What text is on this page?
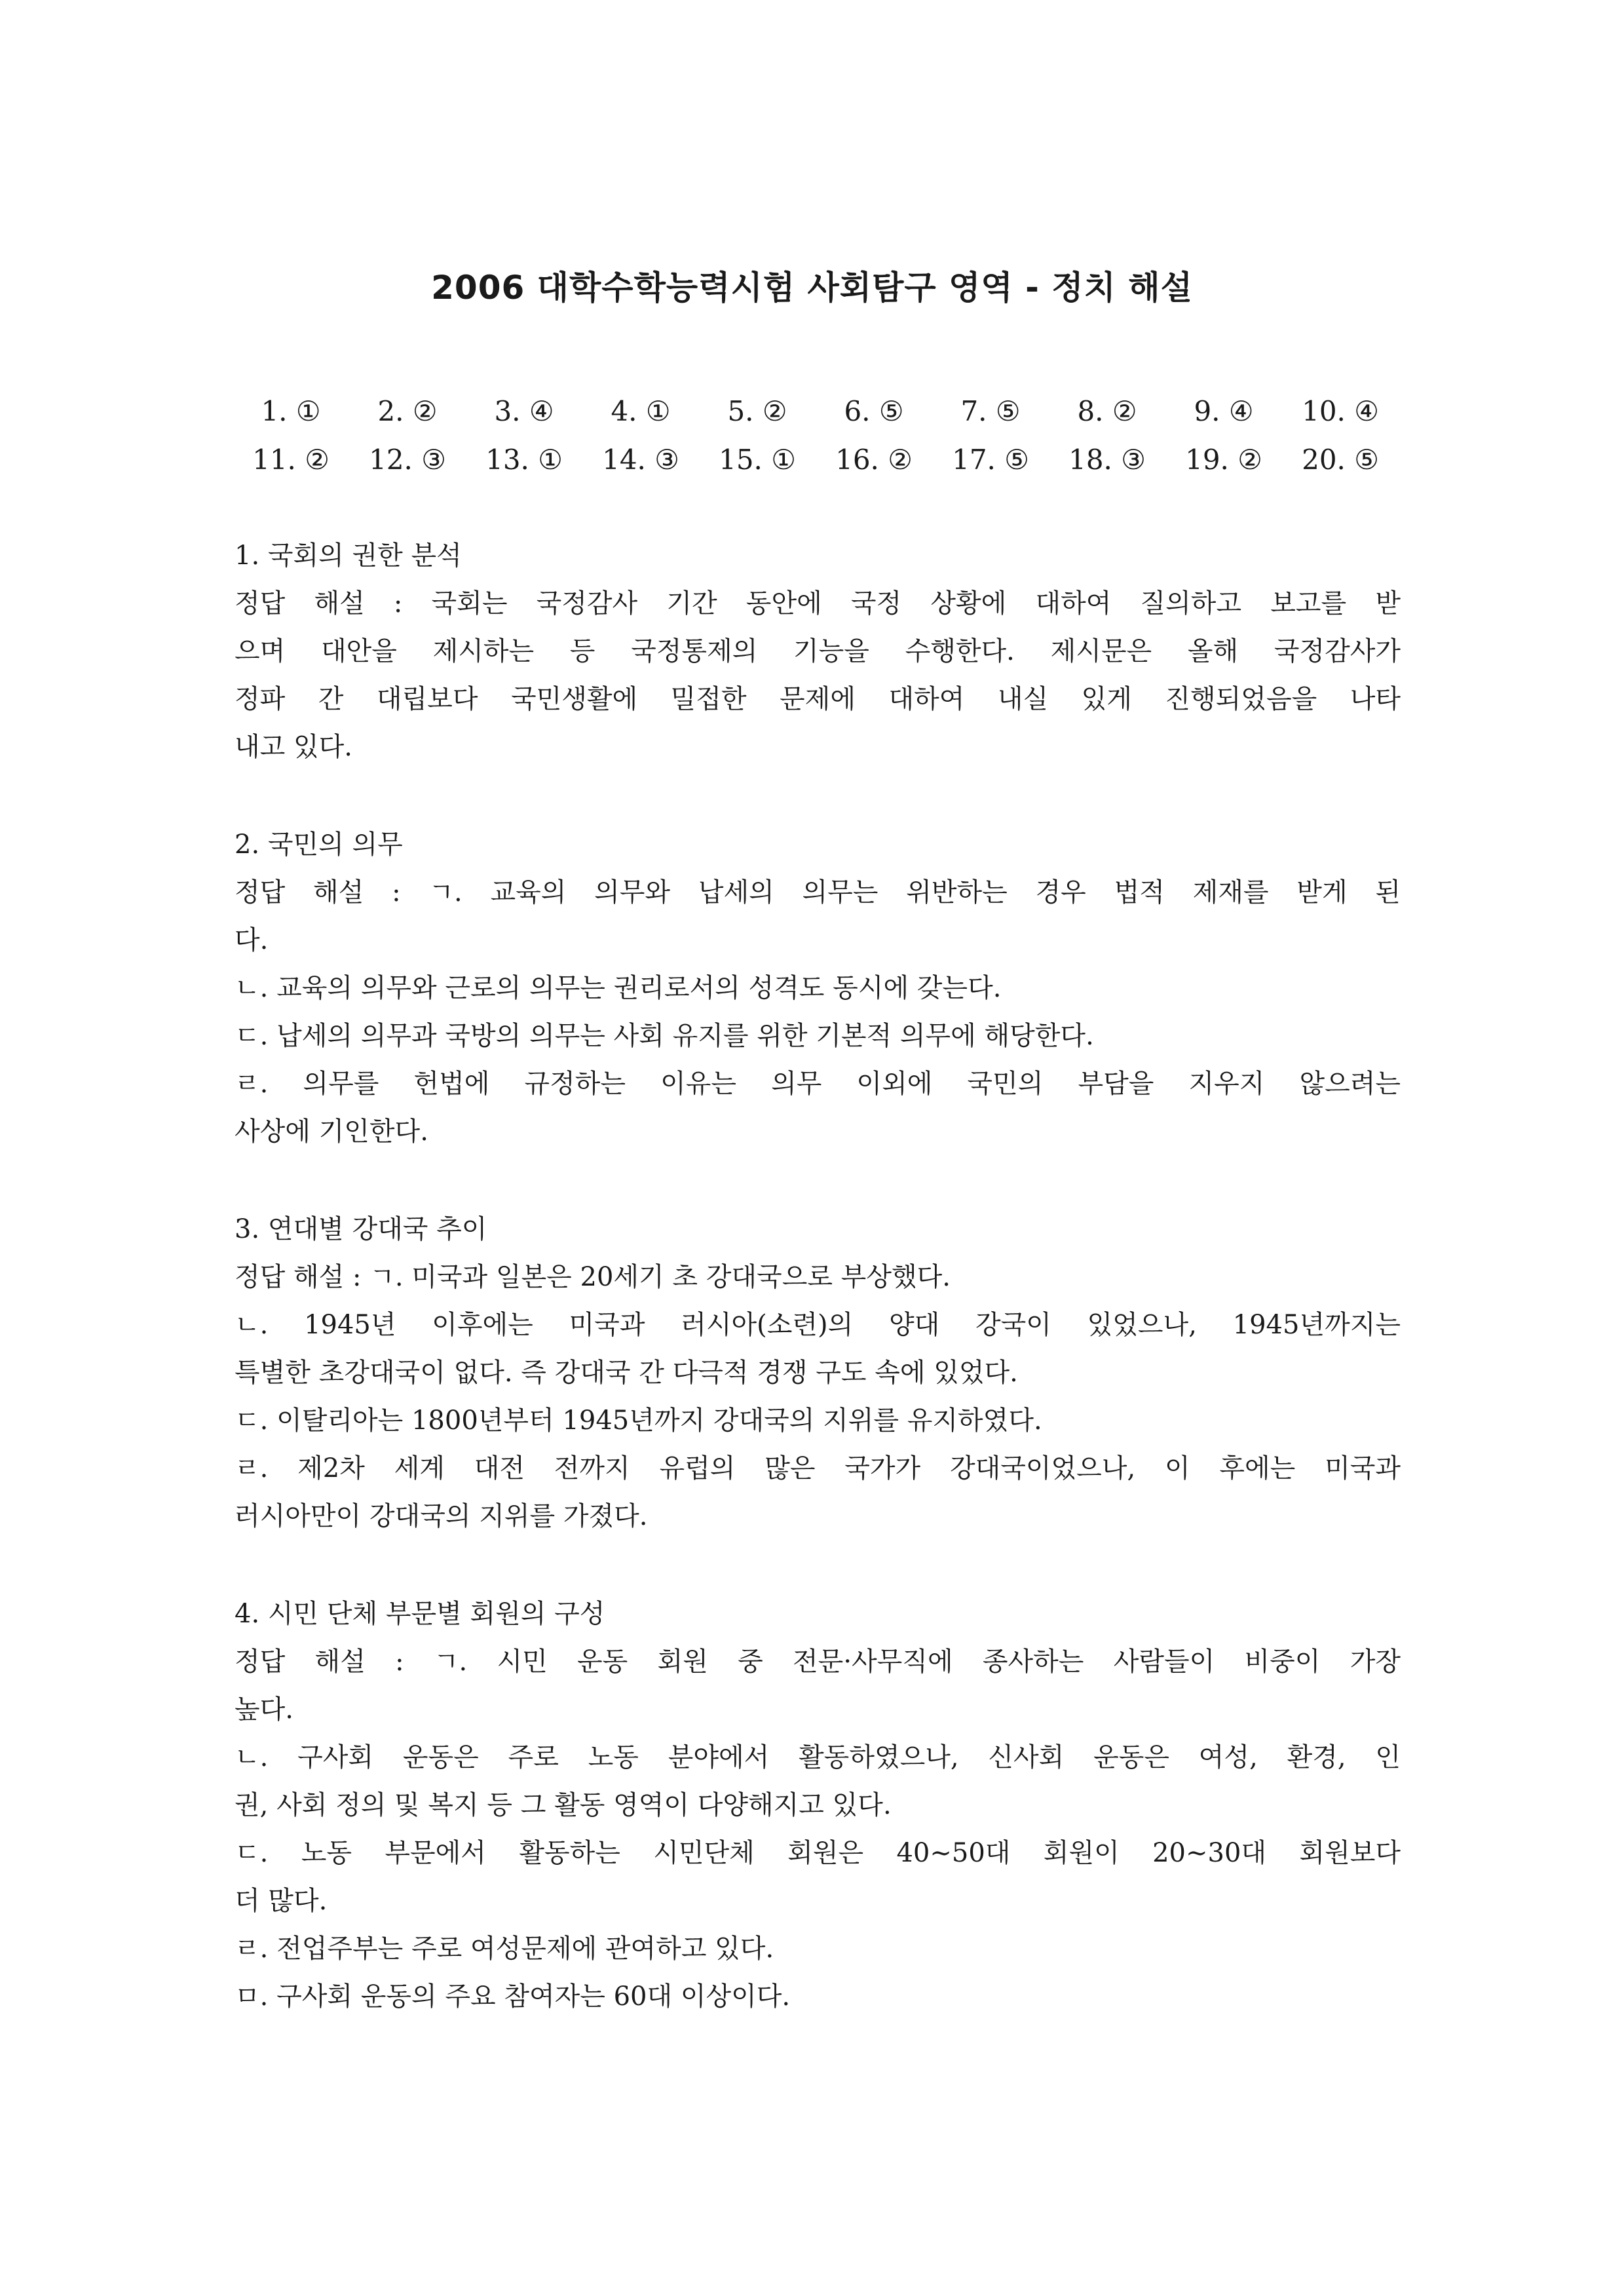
2006 대학수학능력시험 사회탐구 영역 - 정치 해설
1. ①	2. ②	3. ④	4. ①	5. ②	6. ⑤	7. ⑤	8. ②	9. ④	10. ④
11. ②	12. ③	13. ①	14. ③	15. ①	16. ②	17. ⑤	18. ③	19. ②	20. ⑤
1. 국회의 권한 분석
정답 해설 : 국회는 국정감사 기간 동안에 국정 상황에 대하여 질의하고 보고를 받
으며 대안을 제시하는 등 국정통제의 기능을 수행한다. 제시문은 올해 국정감사가
정파 간 대립보다 국민생활에 밀접한 문제에 대하여 내실 있게 진행되었음을 나타
내고 있다.
2. 국민의 의무
정답 해설 : ㄱ. 교육의 의무와 납세의 의무는 위반하는 경우 법적 제재를 받게 된
다.
ㄴ. 교육의 의무와 근로의 의무는 권리로서의 성격도 동시에 갖는다.
ㄷ. 납세의 의무과 국방의 의무는 사회 유지를 위한 기본적 의무에 해당한다.
ㄹ. 의무를 헌법에 규정하는 이유는 의무 이외에 국민의 부담을 지우지 않으려는
사상에 기인한다.
3. 연대별 강대국 추이
정답 해설 : ㄱ. 미국과 일본은 20세기 초 강대국으로 부상했다.
ㄴ. 1945년 이후에는 미국과 러시아(소련)의 양대 강국이 있었으나, 1945년까지는
특별한 초강대국이 없다. 즉 강대국 간 다극적 경쟁 구도 속에 있었다.
ㄷ. 이탈리아는 1800년부터 1945년까지 강대국의 지위를 유지하였다.
ㄹ. 제2차 세계 대전 전까지 유럽의 많은 국가가 강대국이었으나, 이 후에는 미국과
러시아만이 강대국의 지위를 가졌다.
4. 시민 단체 부문별 회원의 구성
정답 해설 : ㄱ. 시민 운동 회원 중 전문·사무직에 종사하는 사람들이 비중이 가장
높다.
ㄴ. 구사회 운동은 주로 노동 분야에서 활동하였으나, 신사회 운동은 여성, 환경, 인
권, 사회 정의 및 복지 등 그 활동 영역이 다양해지고 있다.
ㄷ. 노동 부문에서 활동하는 시민단체 회원은 40∼50대 회원이 20∼30대 회원보다
더 많다.
ㄹ. 전업주부는 주로 여성문제에 관여하고 있다.
ㅁ. 구사회 운동의 주요 참여자는 60대 이상이다.
